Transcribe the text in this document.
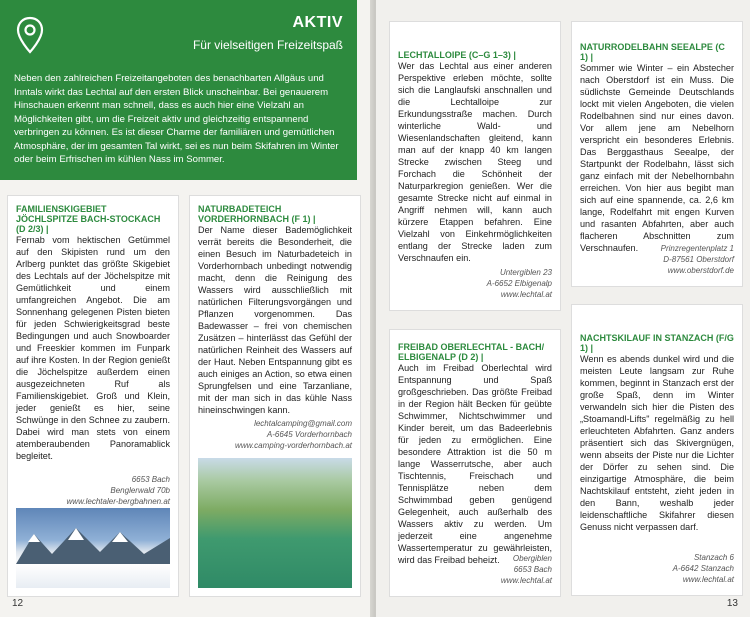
AKTIV
Für vielseitigen Freizeitspaß
Neben den zahlreichen Freizeitangeboten des benachbarten Allgäus und Inntals wirkt das Lechtal auf den ersten Blick unscheinbar. Bei genauerem Hinschauen erkennt man schnell, dass es auch hier eine Vielzahl an Möglichkeiten gibt, um die Freizeit aktiv und gleichzeitig entspannend verbringen zu können. Es ist dieser Charme der familiären und gemütlichen Atmosphäre, der im gesamten Tal wirkt, sei es nun beim Skifahren im Winter oder beim Erfrischen im kühlen Nass im Sommer.
FAMILIENSKIGEBIET JÖCHLSPITZE BACH-STOCKACH (D 2/3) |
Fernab vom hektischen Getümmel auf den Skipisten rund um den Arlberg punktet das größte Skigebiet des Lechtals auf der Jöchelspitze mit Gemütlichkeit und einem umfangreichen Angebot. Die am Sonnenhang gelegenen Pisten bieten für jeden Schwierigkeitsgrad beste Bedingungen und auch Snowboarder und Freeskier kommen im Funpark auf ihre Kosten. In der Region genießt die Jöchelspitze außerdem einen ausgezeichneten Ruf als Familienskigebiet. Groß und Klein, jeder genießt es hier, seine Schwünge in den Schnee zu zaubern. Dabei wird man stets von einem atemberaubenden Panoramablick begleitet.
6653 Bach
Benglerwald 70b
www.lechtaler-bergbahnen.at
NATURBADETEICH VORDERHORNBACH (F 1) |
Der Name dieser Bademöglichkeit verrät bereits die Besonderheit, die einen Besuch im Naturbadeteich in Vorderhornbach unbedingt notwendig macht, denn die Reinigung des Wassers wird ausschließlich mit natürlichen Filterungsvorgängen und Pflanzen vorgenommen. Das Badewasser – frei von chemischen Zusätzen – hinterlässt das Gefühl der natürlichen Reinheit des Wassers auf der Haut. Neben Entspannung gibt es auch einiges an Action, so etwa einen Sprungfelsen und eine Tarzanliane, mit der man sich in das kühle Nass hineinschwingen kann.
lechtalcamping@gmail.com
A-6645 Vorderhornbach
www.camping-vorderhornbach.at
12	13
LECHTALLOIPE (C–G 1–3) |
Wer das Lechtal aus einer anderen Perspektive erleben möchte, sollte sich die Langlaufski anschnallen und die Lechtalloipe zur Erkundungsstraße machen. Durch winterliche Wald- und Wiesenlandschaften gleitend, kann man auf der knapp 40 km langen Strecke zwischen Steeg und Forchach die Schönheit der Naturparkregion genießen. Wer die gesamte Strecke nicht auf einmal in Angriff nehmen will, kann auch kürzere Etappen befahren. Eine Vielzahl von Einkehrmöglichkeiten entlang der Strecke laden zum Verschnaufen ein.
Untergiblen 23
A-6652 Elbigenalp
www.lechtal.at
NATURRODELBAHN SEEALPE (C 1) |
Sommer wie Winter – ein Abstecher nach Oberstdorf ist ein Muss. Die südlichste Gemeinde Deutschlands lockt mit vielen Angeboten, die vielen Rodelbahnen sind nur eines davon. Vor allem jene am Nebelhorn verspricht ein besonderes Erlebnis. Das Berggasthaus Seealpe, der Startpunkt der Rodelbahn, lässt sich ganz einfach mit der Nebelhornbahn erreichen. Von hier aus begibt man sich auf eine spannende, ca. 2,6 km lange, Rodelfahrt mit engen Kurven und rasanten Abfahrten, aber auch flacheren Abschnitten zum Verschnaufen.	Prinzregentenplatz 1
D-87561 Oberstdorf
www.oberstdorf.de
FREIBAD OBERLECHTAL - BACH/ ELBIGENALP (D 2) |
Auch im Freibad Oberlechtal wird Entspannung und Spaß großgeschrieben. Das größte Freibad in der Region hält Becken für geübte Schwimmer, Nichtschwimmer und Kinder bereit, um das Badeerlebnis für jeden zu ermöglichen. Eine besondere Attraktion ist die 50 m lange Wasserrutsche, aber auch Tischtennis, Freischach und Tennisplätze neben dem Schwimmbad geben genügend Gelegenheit, auch außerhalb des Wassers aktiv zu werden. Um jederzeit eine angenehme Wassertemperatur zu gewährleisten, wird das Freibad beheizt.	Obergiblen
6653 Bach
www.lechtal.at
NACHTSKILAUF IN STANZACH (F/G 1) |
Wenn es abends dunkel wird und die meisten Leute langsam zur Ruhe kommen, beginnt in Stanzach erst der große Spaß, denn im Winter verwandeln sich hier die Pisten des „Stoamandl-Lifts" regelmäßig zu hell erleuchteten Abfahrten. Ganz anders präsentiert sich das Skivergnügen, wenn abseits der Piste nur die Lichter der Dörfer zu sehen sind. Die einzigartige Atmosphäre, die beim Nachtskilauf entsteht, zieht jeden in den Bann, weshalb jeder leidenschaftliche Skifahrer diesen Genuss nicht verpassen darf.
Stanzach 6
A-6642 Stanzach
www.lechtal.at
